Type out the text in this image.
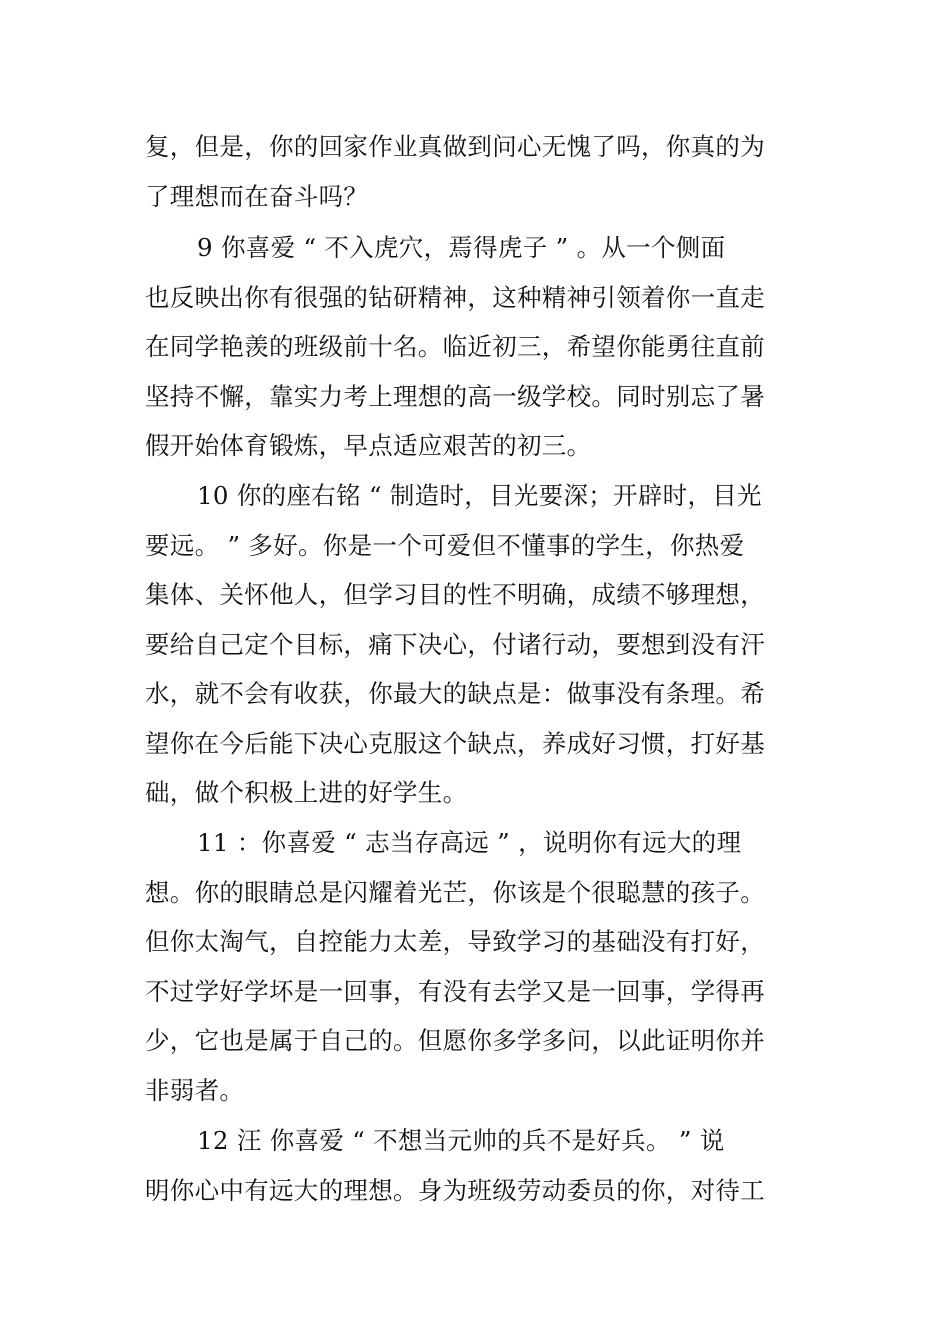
复，但是，你的回家作业真做到问心无愧了吗，你真的为
了理想而在奋斗吗？
9 你喜爱 “ 不入虎穴，焉得虎子 ” 。从一个侧面
也反映出你有很强的钻研精神，这种精神引领着你一直走
在同学艳羡的班级前十名。临近初三，希望你能勇往直前
坚持不懈，靠实力考上理想的高一级学校。同时别忘了暑
假开始体育锻炼，早点适应艰苦的初三。
10 你的座右铭 “ 制造时，目光要深；开辟时，目光
要远。 ” 多好。你是一个可爱但不懂事的学生，你热爱
集体、关怀他人，但学习目的性不明确，成绩不够理想，
要给自己定个目标，痛下决心，付诸行动，要想到没有汗
水，就不会有收获，你最大的缺点是：做事没有条理。希
望你在今后能下决心克服这个缺点，养成好习惯，打好基
础，做个积极上进的好学生。
11 ：你喜爱 “ 志当存高远 ” ，说明你有远大的理
想。你的眼睛总是闪耀着光芒，你该是个很聪慧的孩子。
但你太淘气，自控能力太差，导致学习的基础没有打好，
不过学好学坏是一回事，有没有去学又是一回事，学得再
少，它也是属于自己的。但愿你多学多问，以此证明你并
非弱者。
12 汪 你喜爱 “ 不想当元帅的兵不是好兵。 ” 说
明你心中有远大的理想。身为班级劳动委员的你，对待工
